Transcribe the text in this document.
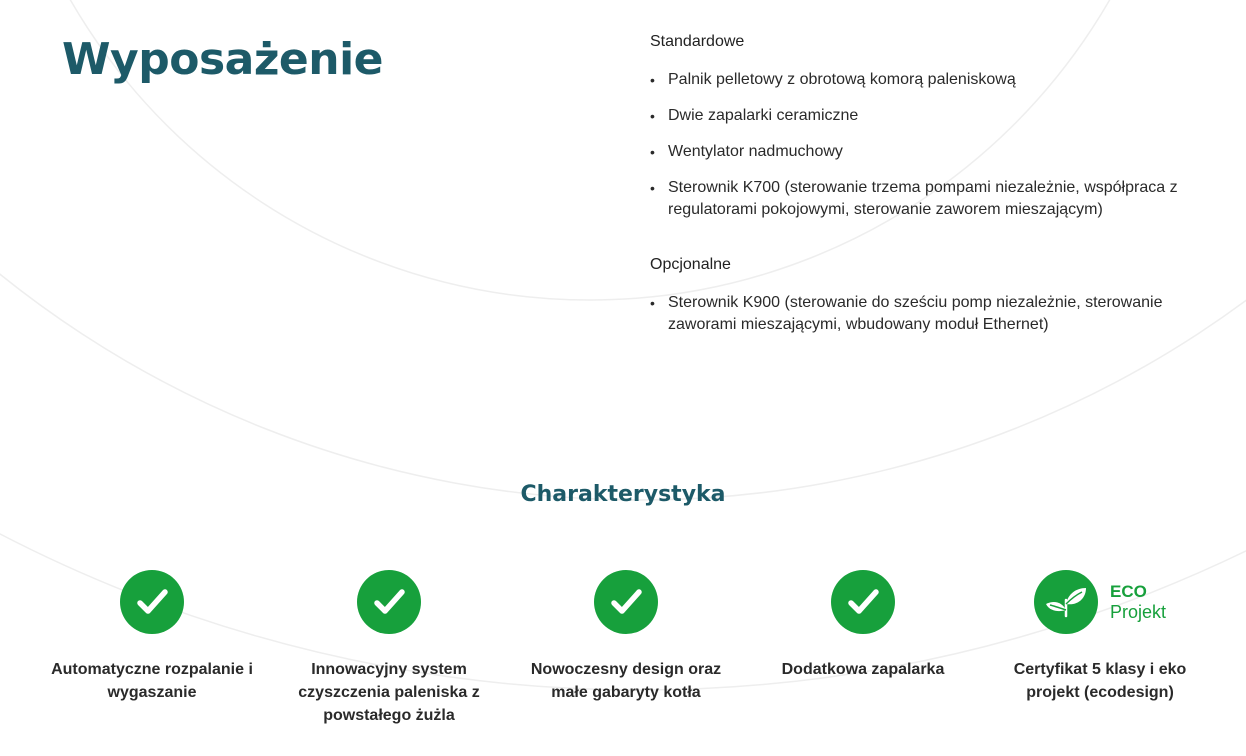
Wyposażenie	Standardowe
• Palnik pelletowy z obrotową komorą paleniskową
• Dwie zapalarki ceramiczne
• Wentylator nadmuchowy
• Sterownik K700 (sterowanie trzema pompami niezależnie, współpraca z regulatorami pokojowymi, sterowanie zaworem mieszającym)
Opcjonalne
• Sterownik K900 (sterowanie do sześciu pomp niezależnie, sterowanie zaworami mieszającymi, wbudowany moduł Ethernet)
Charakterystyka
Automatyczne rozpalanie i wygaszanie
Innowacyjny system czyszczenia paleniska z powstałego żużla
Nowoczesny design oraz małe gabaryty kotła
Dodatkowa zapalarka
ECO
Projekt
Certyfikat 5 klasy i eko projekt (ecodesign)
